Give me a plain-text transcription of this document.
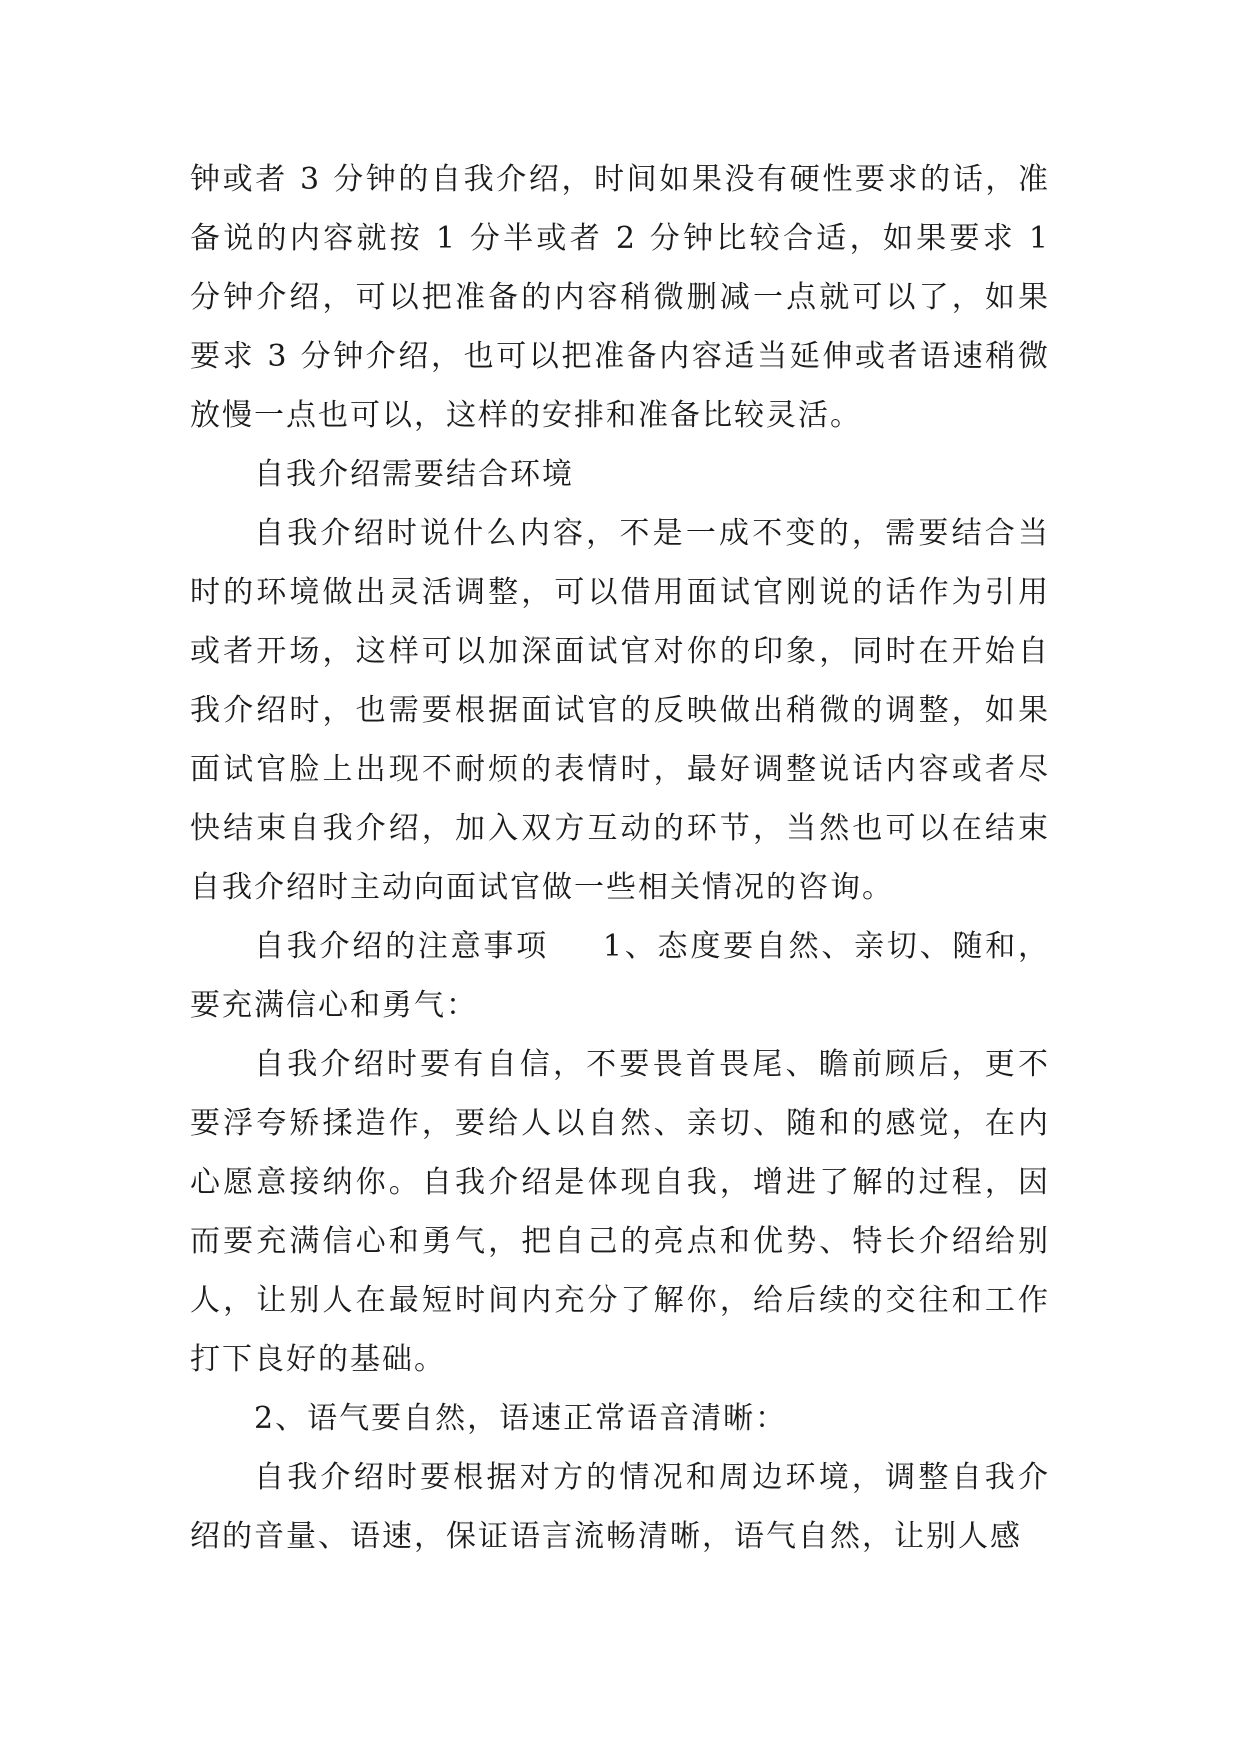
钟或者 3 分钟的自我介绍，时间如果没有硬性要求的话，准备说的内容就按 1 分半或者 2 分钟比较合适，如果要求 1 分钟介绍，可以把准备的内容稍微删减一点就可以了，如果要求 3 分钟介绍，也可以把准备内容适当延伸或者语速稍微放慢一点也可以，这样的安排和准备比较灵活。

自我介绍需要结合环境

自我介绍时说什么内容，不是一成不变的，需要结合当时的环境做出灵活调整，可以借用面试官刚说的话作为引用或者开场，这样可以加深面试官对你的印象，同时在开始自我介绍时，也需要根据面试官的反映做出稍微的调整，如果面试官脸上出现不耐烦的表情时，最好调整说话内容或者尽快结束自我介绍，加入双方互动的环节，当然也可以在结束自我介绍时主动向面试官做一些相关情况的咨询。

自我介绍的注意事项 1、态度要自然、亲切、随和，要充满信心和勇气：

自我介绍时要有自信，不要畏首畏尾、瞻前顾后，更不要浮夸矫揉造作，要给人以自然、亲切、随和的感觉，在内心愿意接纳你。自我介绍是体现自我，增进了解的过程，因而要充满信心和勇气，把自己的亮点和优势、特长介绍给别人，让别人在最短时间内充分了解你，给后续的交往和工作打下良好的基础。

2、语气要自然，语速正常语音清晰：

自我介绍时要根据对方的情况和周边环境，调整自我介绍的音量、语速，保证语言流畅清晰，语气自然，让别人感
